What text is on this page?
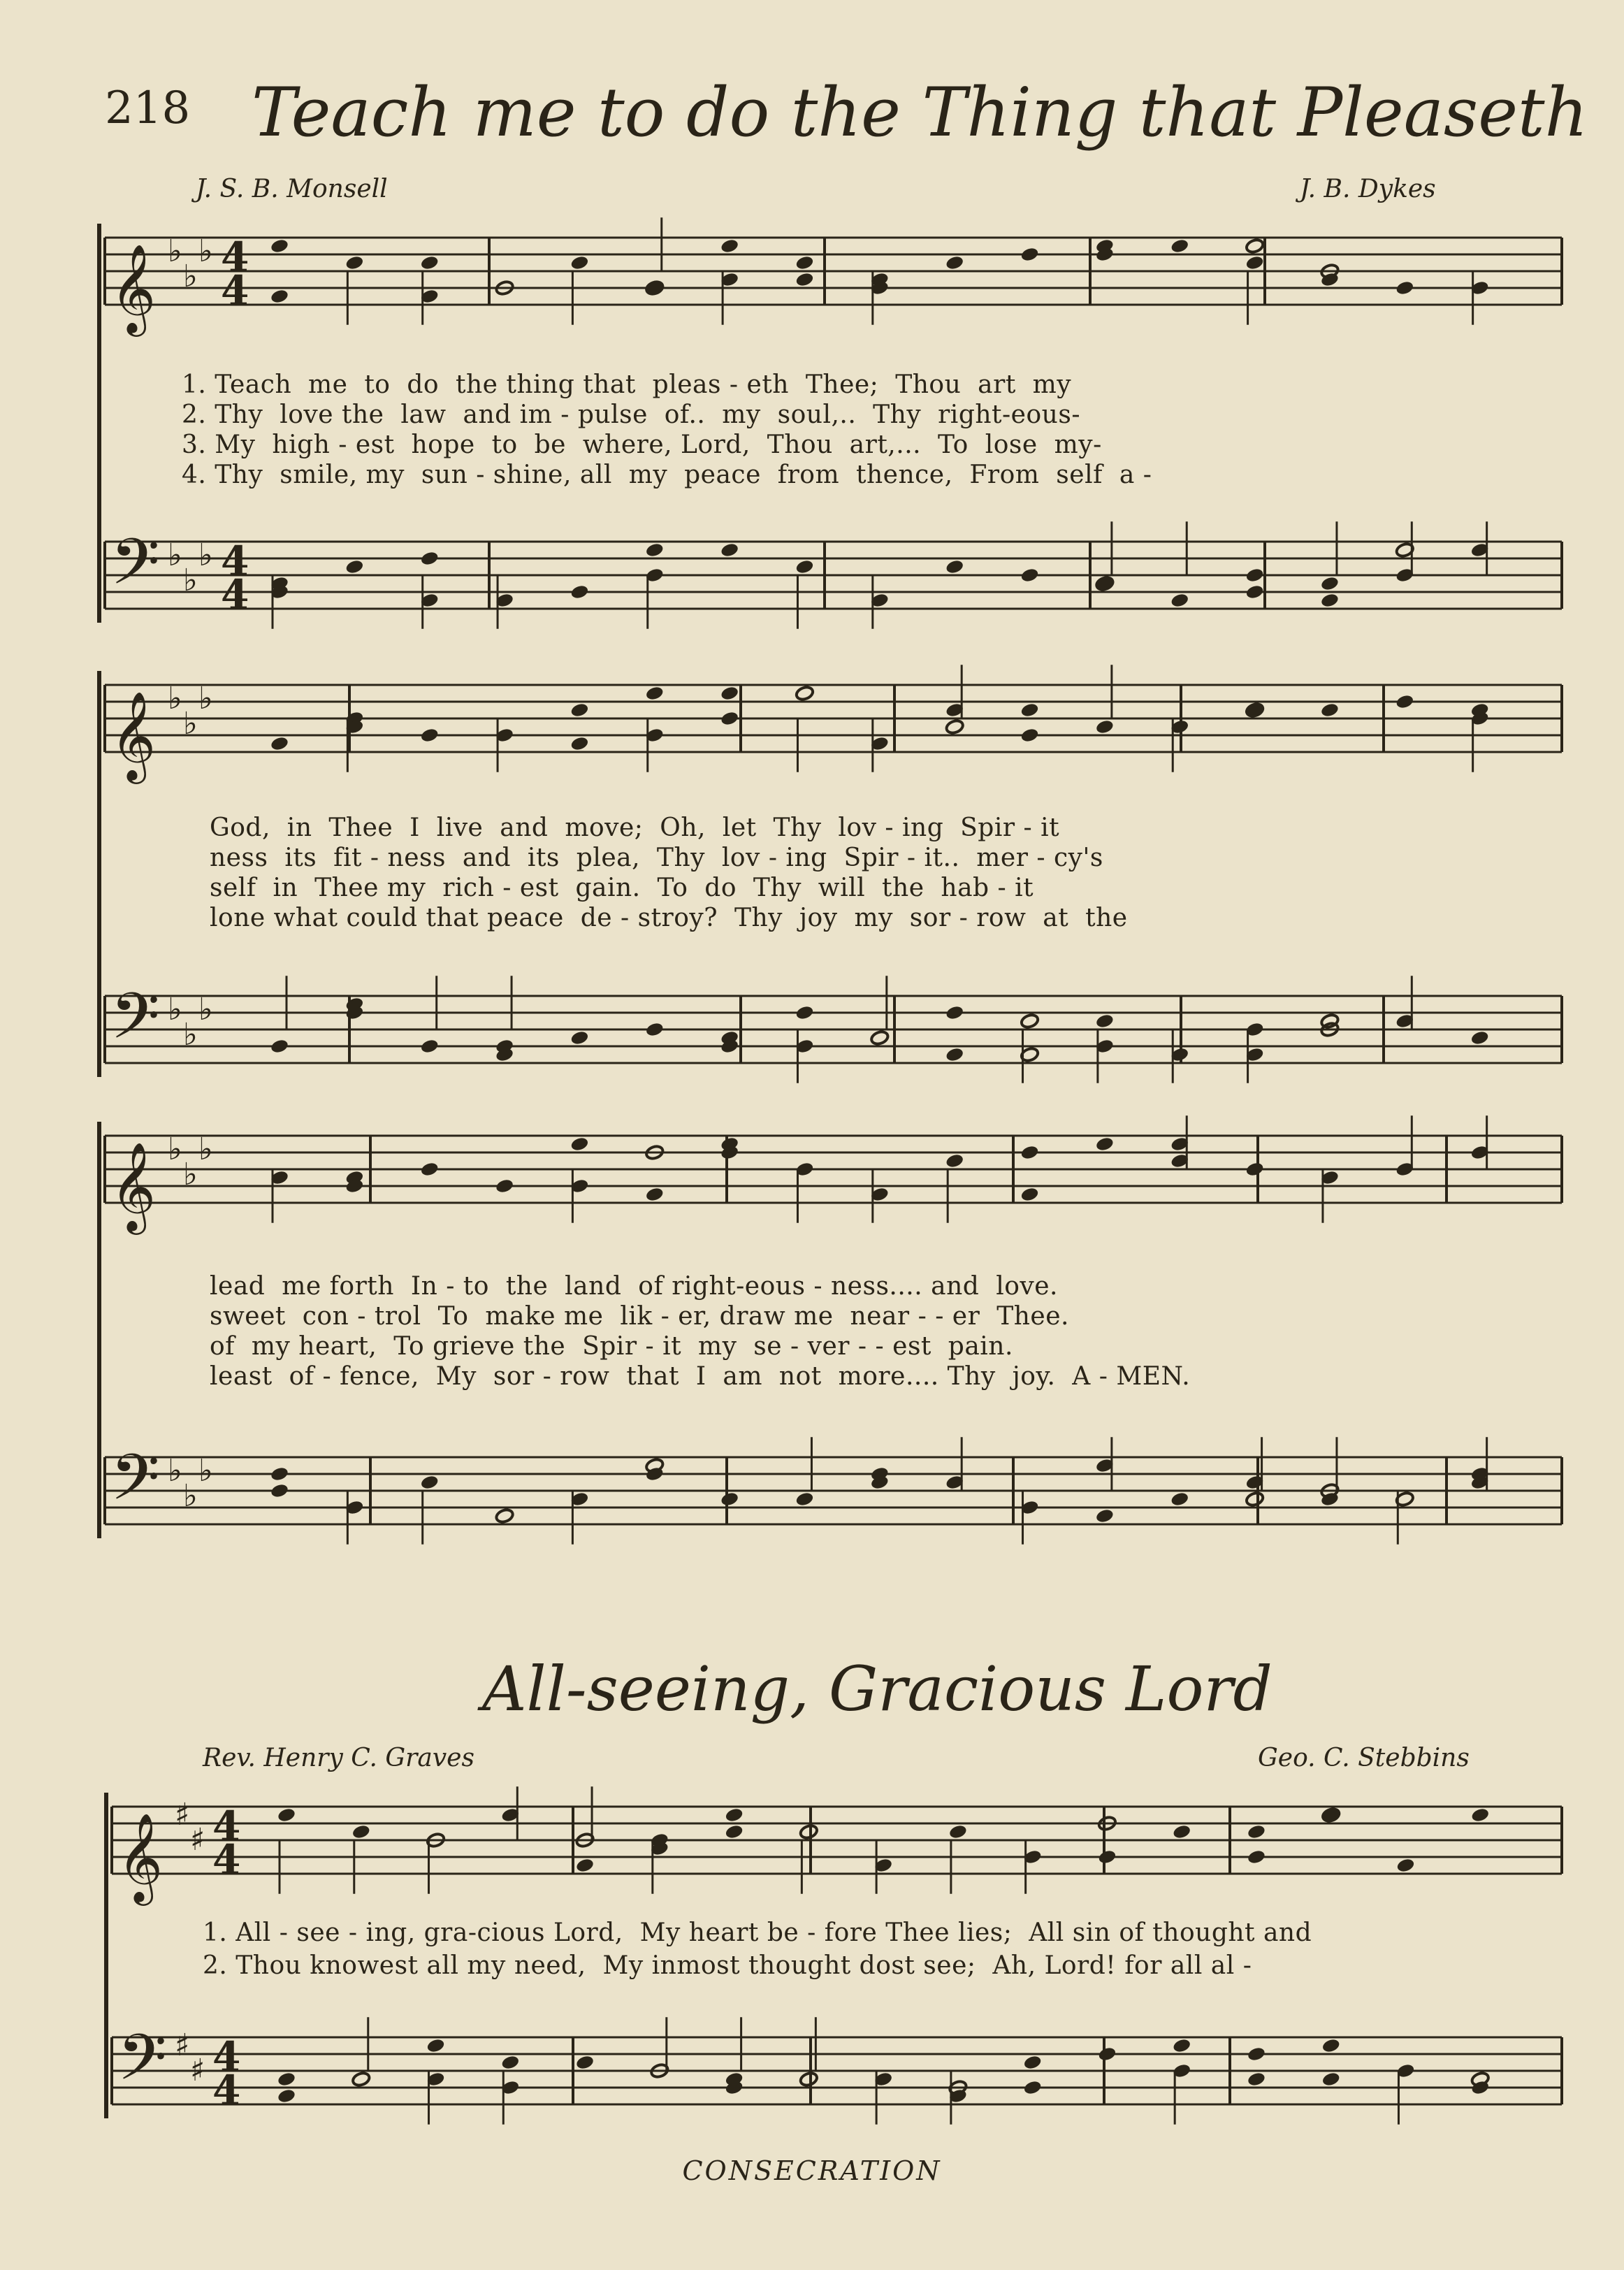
218 Teach me to do the Thing that Pleaseth
J. S. B. Monsell	J. B. Dykes
1. Teach  me  to  do  the thing that  pleas - eth  Thee;  Thou  art  my
2. Thy  love the  law  and im - pulse  of..  my  soul,..  Thy  right-eous-
3. My  high - est  hope  to  be  where, Lord,  Thou  art,...  To  lose  my-
4. Thy  smile, my  sun - shine, all  my  peace  from  thence,  From  self  a -
God,  in  Thee  I  live  and  move;  Oh,  let  Thy  lov - ing  Spir - it
ness  its  fit - ness  and  its  plea,  Thy  lov - ing  Spir - it..  mer - cy's
self  in  Thee my  rich - est  gain.  To  do  Thy  will  the  hab - it
lone what could that peace  de - stroy?  Thy  joy  my  sor - row  at  the
lead  me forth  In - to  the  land  of right-eous - ness.... and  love.
sweet  con - trol  To  make me  lik - er, draw me  near - - er  Thee.
of  my heart,  To grieve the  Spir - it  my  se - ver - - est  pain.
least  of - fence,  My  sor - row  that  I  am  not  more.... Thy  joy.  A - MEN.
All-seeing, Gracious Lord
Rev. Henry C. Graves	Geo. C. Stebbins
1. All - see - ing, gra-cious Lord,  My heart be - fore Thee lies;  All sin of thought and
2. Thou knowest all my need,  My inmost thought dost see;  Ah, Lord! for all al -
CONSECRATION
𝄞 ♭
♭
♭ 4
4
𝄢 ♭
♭
♭ 4
4
𝄞 ♭
♭
♭
𝄢 ♭
♭
♭
𝄞 ♭
♭
♭
𝄢 ♭
♭
♭
𝄞 ♯
♯ 4
4
𝄢 ♯
♯ 4
4
